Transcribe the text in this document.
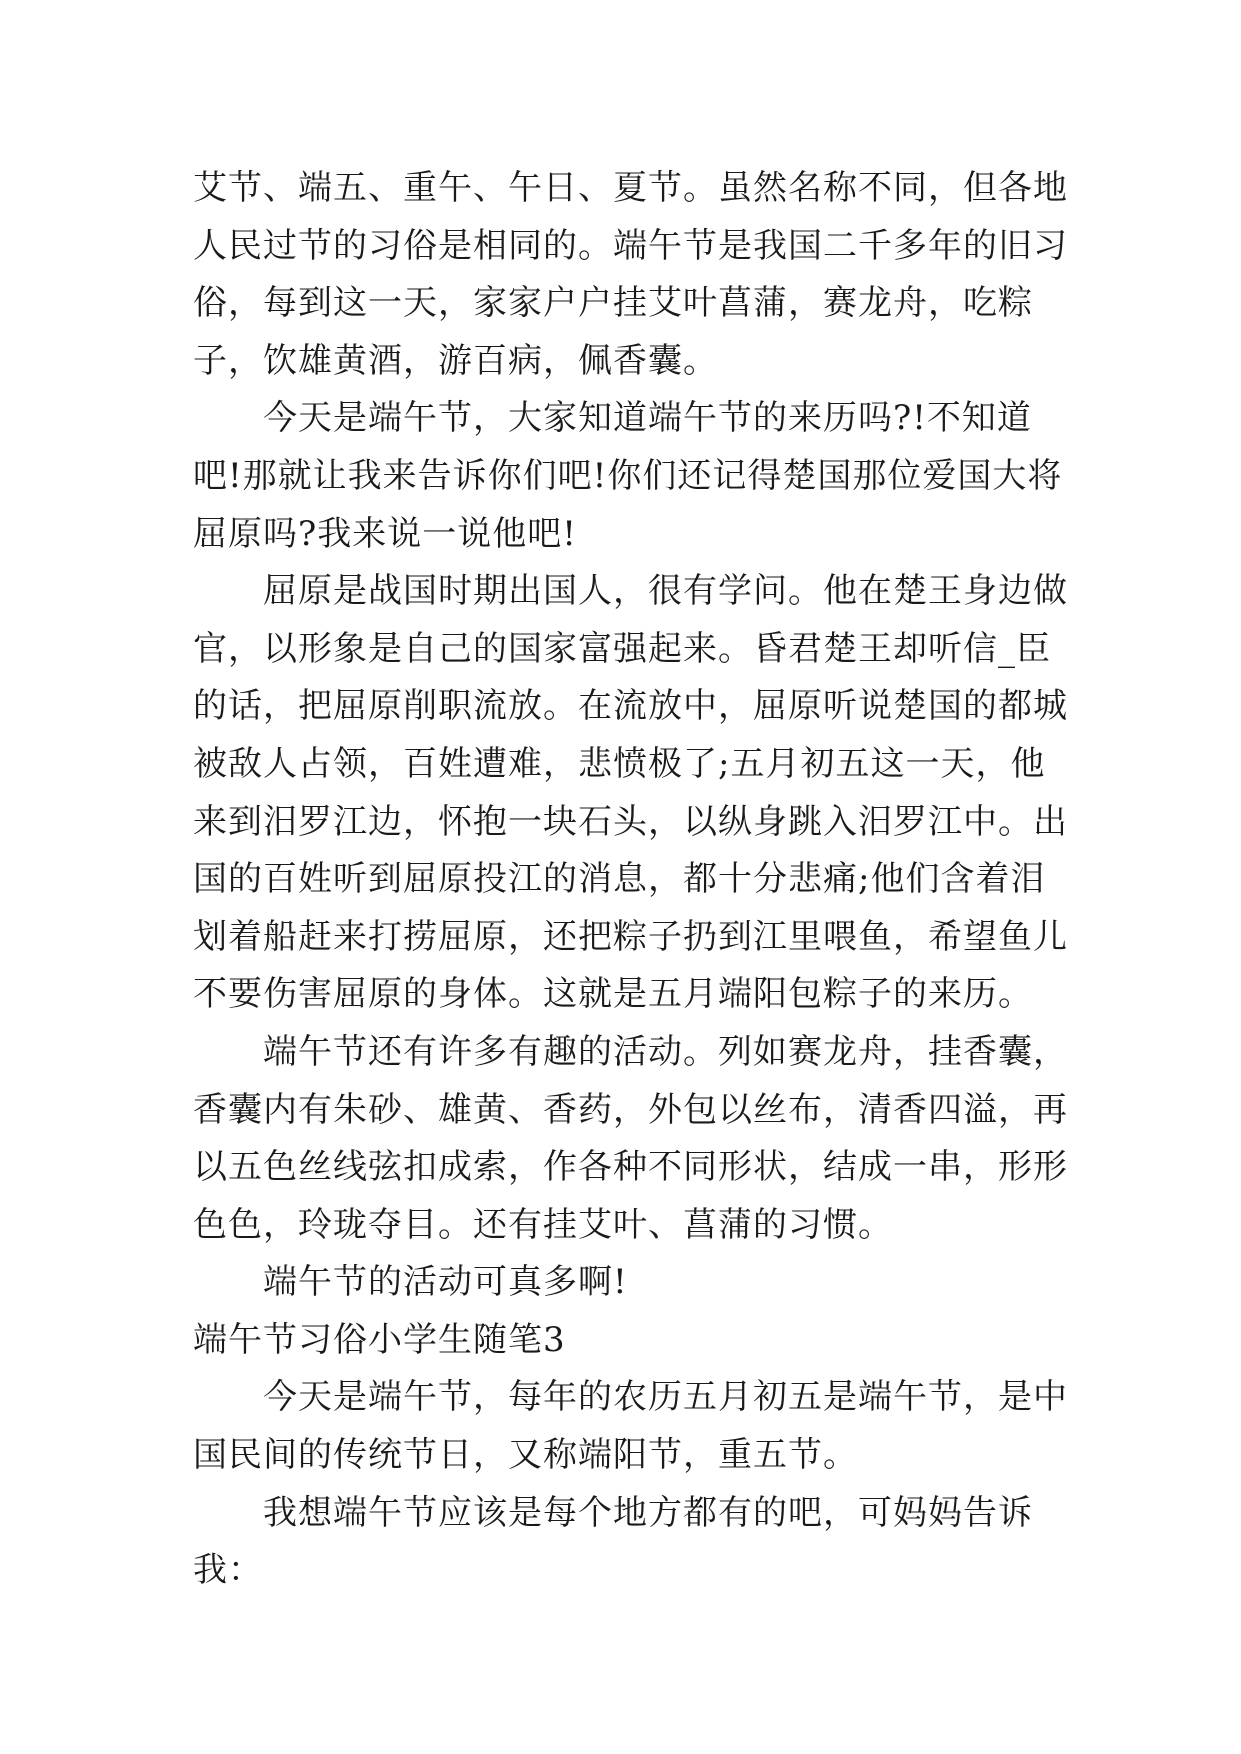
艾节、端五、重午、午日、夏节。虽然名称不同，但各地人民过节的习俗是相同的。端午节是我国二千多年的旧习俗，每到这一天，家家户户挂艾叶菖蒲，赛龙舟，吃粽子，饮雄黄酒，游百病，佩香囊。

　　今天是端午节，大家知道端午节的来历吗?!不知道吧!那就让我来告诉你们吧!你们还记得楚国那位爱国大将屈原吗?我来说一说他吧!

　　屈原是战国时期出国人，很有学问。他在楚王身边做官，以形象是自己的国家富强起来。昏君楚王却听信_臣的话，把屈原削职流放。在流放中，屈原听说楚国的都城被敌人占领，百姓遭难，悲愤极了;五月初五这一天，他来到汨罗江边，怀抱一块石头，以纵身跳入汨罗江中。出国的百姓听到屈原投江的消息，都十分悲痛;他们含着泪划着船赶来打捞屈原，还把粽子扔到江里喂鱼，希望鱼儿不要伤害屈原的身体。这就是五月端阳包粽子的来历。

　　端午节还有许多有趣的活动。列如赛龙舟，挂香囊，香囊内有朱砂、雄黄、香药，外包以丝布，清香四溢，再以五色丝线弦扣成索，作各种不同形状，结成一串，形形色色，玲珑夺目。还有挂艾叶、菖蒲的习惯。

　　端午节的活动可真多啊!

端午节习俗小学生随笔3

　　今天是端午节，每年的农历五月初五是端午节，是中国民间的传统节日，又称端阳节，重五节。

　　我想端午节应该是每个地方都有的吧，可妈妈告诉我：
